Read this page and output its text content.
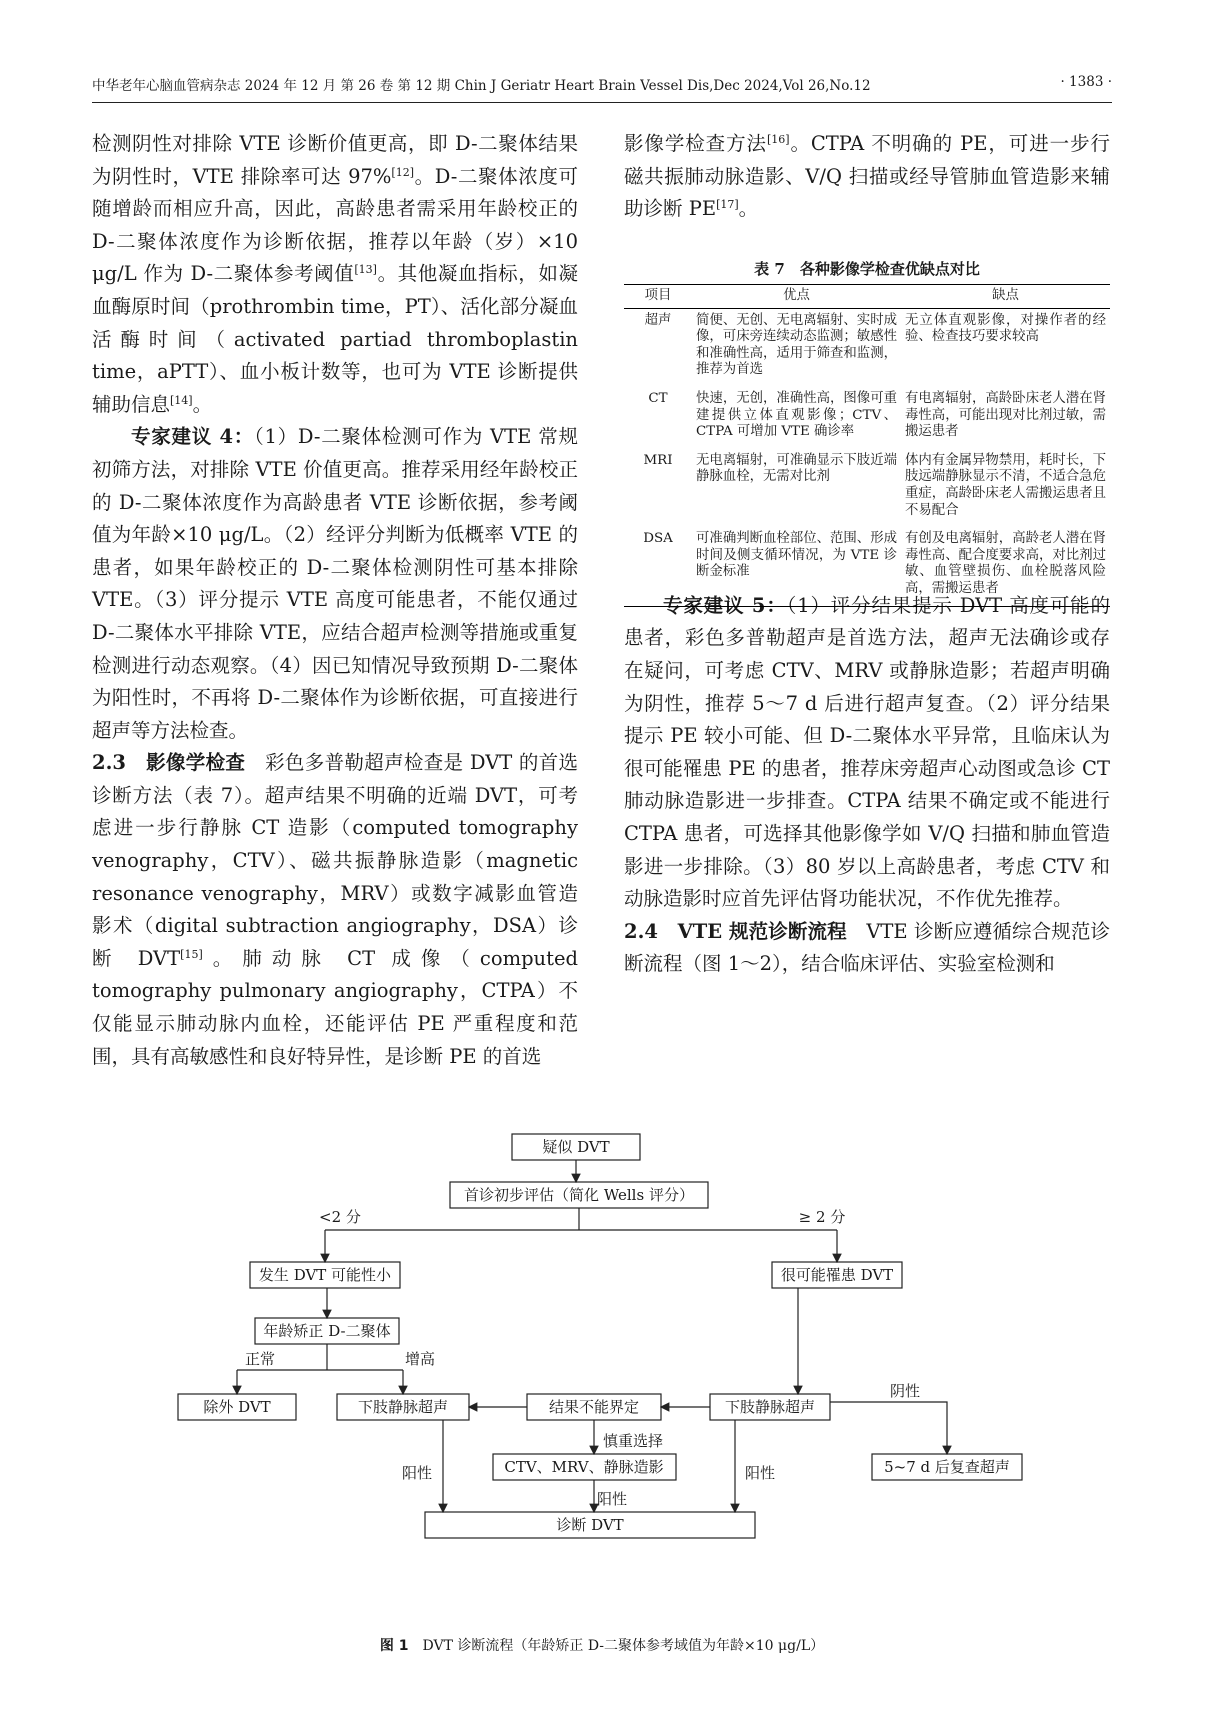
中华老年心脑血管病杂志 2024 年 12 月 第 26 卷 第 12 期 Chin J Geriatr Heart Brain Vessel Dis,Dec 2024,Vol 26,No.12	· 1383 ·

检测阴性对排除 VTE 诊断价值更高，即 D-二聚体结果为阴性时，VTE 排除率可达 97%[12]。D-二聚体浓度可随增龄而相应升高，因此，高龄患者需采用年龄校正的 D-二聚体浓度作为诊断依据，推荐以年龄（岁）×10 μg/L 作为 D-二聚体参考阈值[13]。其他凝血指标，如凝血酶原时间（prothrombin time，PT）、活化部分凝血活酶时间（activated partiad thromboplastin time，aPTT）、血小板计数等，也可为 VTE 诊断提供辅助信息[14]。

专家建议 4：（1）D-二聚体检测可作为 VTE 常规初筛方法，对排除 VTE 价值更高。推荐采用经年龄校正的 D-二聚体浓度作为高龄患者 VTE 诊断依据，参考阈值为年龄×10 μg/L。（2）经评分判断为低概率 VTE 的患者，如果年龄校正的 D-二聚体检测阴性可基本排除 VTE。（3）评分提示 VTE 高度可能患者，不能仅通过 D-二聚体水平排除 VTE，应结合超声检测等措施或重复检测进行动态观察。（4）因已知情况导致预期 D-二聚体为阳性时，不再将 D-二聚体作为诊断依据，可直接进行超声等方法检查。

2.3　影像学检查　彩色多普勒超声检查是 DVT 的首选诊断方法（表 7）。超声结果不明确的近端 DVT，可考虑进一步行静脉 CT 造影（computed tomography venography，CTV）、磁共振静脉造影（magnetic resonance venography，MRV）或数字减影血管造影术（digital subtraction angiography，DSA）诊断 DVT[15]。肺动脉 CT 成像（computed tomography pulmonary angiography，CTPA）不仅能显示肺动脉内血栓，还能评估 PE 严重程度和范围，具有高敏感性和良好特异性，是诊断 PE 的首选

影像学检查方法[16]。CTPA 不明确的 PE，可进一步行磁共振肺动脉造影、V/Q 扫描或经导管肺血管造影来辅助诊断 PE[17]。

专家建议 5：（1）评分结果提示 DVT 高度可能的患者，彩色多普勒超声是首选方法，超声无法确诊或存在疑问，可考虑 CTV、MRV 或静脉造影；若超声明确为阴性，推荐 5～7 d 后进行超声复查。（2）评分结果提示 PE 较小可能、但 D-二聚体水平异常，且临床认为很可能罹患 PE 的患者，推荐床旁超声心动图或急诊 CT 肺动脉造影进一步排查。CTPA 结果不确定或不能进行 CTPA 患者，可选择其他影像学如 V/Q 扫描和肺血管造影进一步排除。（3）80 岁以上高龄患者，考虑 CTV 和动脉造影时应首先评估肾功能状况，不作优先推荐。

2.4　VTE 规范诊断流程　VTE 诊断应遵循综合规范诊断流程（图 1～2），结合临床评估、实验室检测和

表 7　各种影像学检查优缺点对比
项目	优点	缺点
超声	简便、无创、无电离辐射、实时成像，可床旁连续动态监测；敏感性和准确性高，适用于筛查和监测，推荐为首选	无立体直观影像，对操作者的经验、检查技巧要求较高
CT	快速，无创，准确性高，图像可重建提供立体直观影像；CTV、CTPA 可增加 VTE 确诊率	有电离辐射，高龄卧床老人潜在肾毒性高，可能出现对比剂过敏，需搬运患者
MRI	无电离辐射，可准确显示下肢近端静脉血栓，无需对比剂	体内有金属异物禁用，耗时长，下肢远端静脉显示不清，不适合急危重症，高龄卧床老人需搬运患者且不易配合
DSA	可准确判断血栓部位、范围、形成时间及侧支循环情况，为 VTE 诊断金标准	有创及电离辐射，高龄老人潜在肾毒性高、配合度要求高，对比剂过敏、血管壁损伤、血栓脱落风险高，需搬运患者
疑似 DVT
首诊初步评估（简化 Wells 评分）
发生 DVT 可能性小	很可能罹患 DVT
年龄矫正 D-二聚体
除外 DVT	下肢静脉超声	结果不能界定	下肢静脉超声
CTV、MRV、静脉造影	5~7 d 后复查超声
诊断 DVT
<2 分	≥ 2 分
正常	增高
阴性
慎重选择
阳性	阳性
阳性
图 1　DVT 诊断流程（年龄矫正 D-二聚体参考域值为年龄×10 μg/L）
